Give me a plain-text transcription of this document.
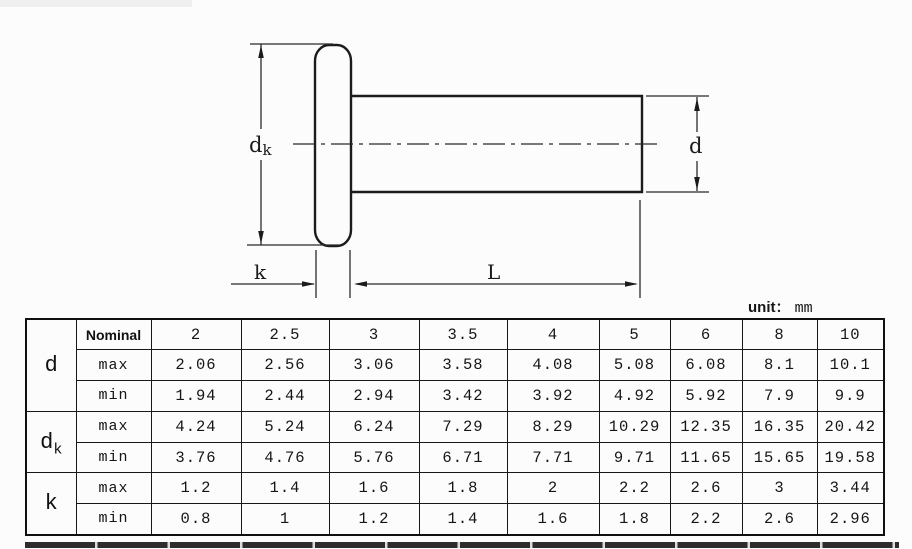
dk
k	L
d
unit： mm
d	Nominal	2	2.5	3	3.5	4	5	6	8	10
	max	2.06	2.56	3.06	3.58	4.08	5.08	6.08	8.1	10.1
	min	1.94	2.44	2.94	3.42	3.92	4.92	5.92	7.9	9.9
$d_k$	max	4.24	5.24	6.24	7.29	8.29	10.29	12.35	16.35	20.42
	min	3.76	4.76	5.76	6.71	7.71	9.71	11.65	15.65	19.58
k	max	1.2	1.4	1.6	1.8	2	2.2	2.6	3	3.44
	min	0.8	1	1.2	1.4	1.6	1.8	2.2	2.6	2.96
